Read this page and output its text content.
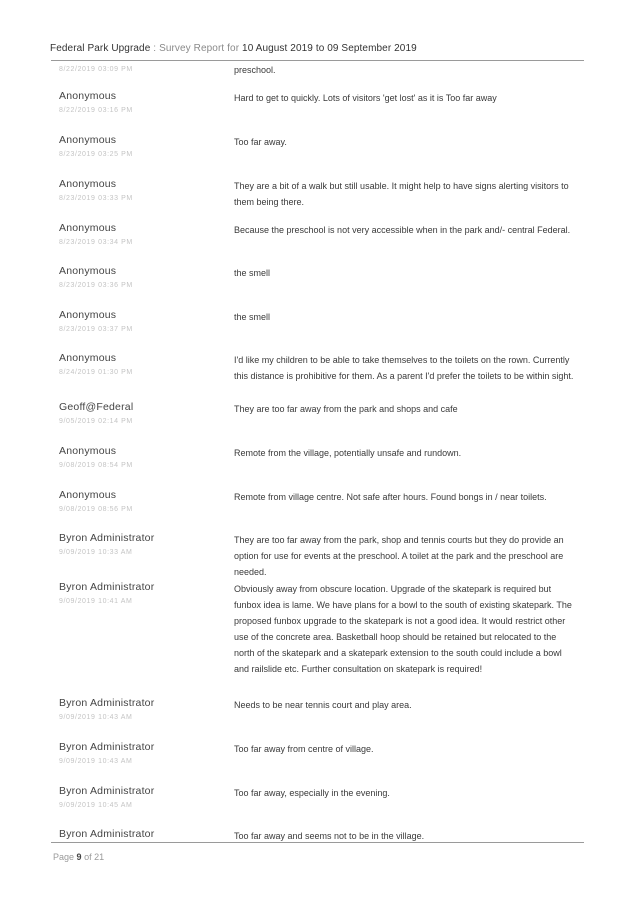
Federal Park Upgrade : Survey Report for 10 August 2019 to 09 September 2019
8/22/2019 03:09 PM	preschool.
Anonymous
8/22/2019 03:16 PM
Hard to get to quickly. Lots of visitors 'get lost' as it is Too far away
Anonymous
8/23/2019 03:25 PM
Too far away.
Anonymous
8/23/2019 03:33 PM
They are a bit of a walk but still usable. It might help to have signs alerting visitors to them being there.
Anonymous
8/23/2019 03:34 PM
Because the preschool is not very accessible when in the park and/- central Federal.
Anonymous
8/23/2019 03:36 PM
the smell
Anonymous
8/23/2019 03:37 PM
the smell
Anonymous
8/24/2019 01:30 PM
I'd like my children to be able to take themselves to the toilets on the rown. Currently this distance is prohibitive for them. As a parent I'd prefer the toilets to be within sight.
Geoff@Federal
9/05/2019 02:14 PM
They are too far away from the park and shops and cafe
Anonymous
9/08/2019 08:54 PM
Remote from the village, potentially unsafe and rundown.
Anonymous
9/08/2019 08:56 PM
Remote from village centre. Not safe after hours. Found bongs in / near toilets.
Byron Administrator
9/09/2019 10:33 AM
They are too far away from the park, shop and tennis courts but they do provide an option for use for events at the preschool. A toilet at the park and the preschool are needed.
Byron Administrator
9/09/2019 10:41 AM
Obviously away from obscure location. Upgrade of the skatepark is required but funbox idea is lame. We have plans for a bowl to the south of existing skatepark. The proposed funbox upgrade to the skatepark is not a good idea. It would restrict other use of the concrete area. Basketball hoop should be retained but relocated to the north of the skatepark and a skatepark extension to the south could include a bowl and railslide etc. Further consultation on skatepark is required!
Byron Administrator
9/09/2019 10:43 AM
Needs to be near tennis court and play area.
Byron Administrator
9/09/2019 10:43 AM
Too far away from centre of village.
Byron Administrator
9/09/2019 10:45 AM
Too far away, especially in the evening.
Byron Administrator	Too far away and seems not to be in the village.
Page 9 of 21
